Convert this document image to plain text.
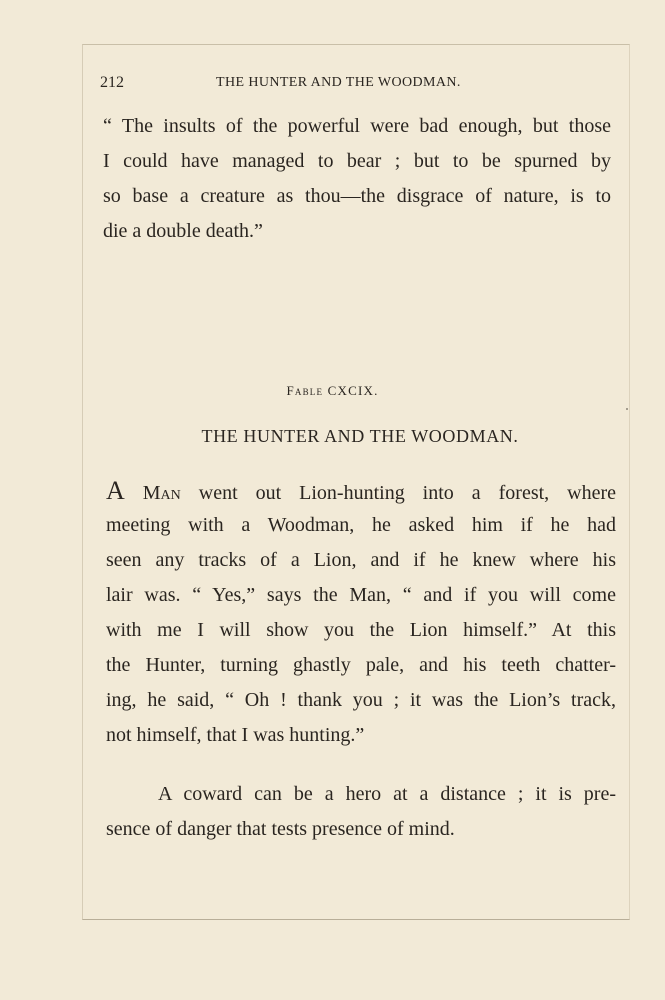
212	THE HUNTER AND THE WOODMAN.
“ The insults of the powerful were bad enough, but those
I could have managed to bear ; but to be spurned by
so base a creature as thou—the disgrace of nature, is to
die a double death.”
Fable CXCIX.
THE HUNTER AND THE WOODMAN.
A Man went out Lion-hunting into a forest, where
meeting with a Woodman, he asked him if he had
seen any tracks of a Lion, and if he knew where his
lair was. “ Yes,” says the Man, “ and if you will come
with me I will show you the Lion himself.” At this
the Hunter, turning ghastly pale, and his teeth chatter-
ing, he said, “ Oh ! thank you ; it was the Lion’s track,
not himself, that I was hunting.”
A coward can be a hero at a distance ; it is pre-
sence of danger that tests presence of mind.
